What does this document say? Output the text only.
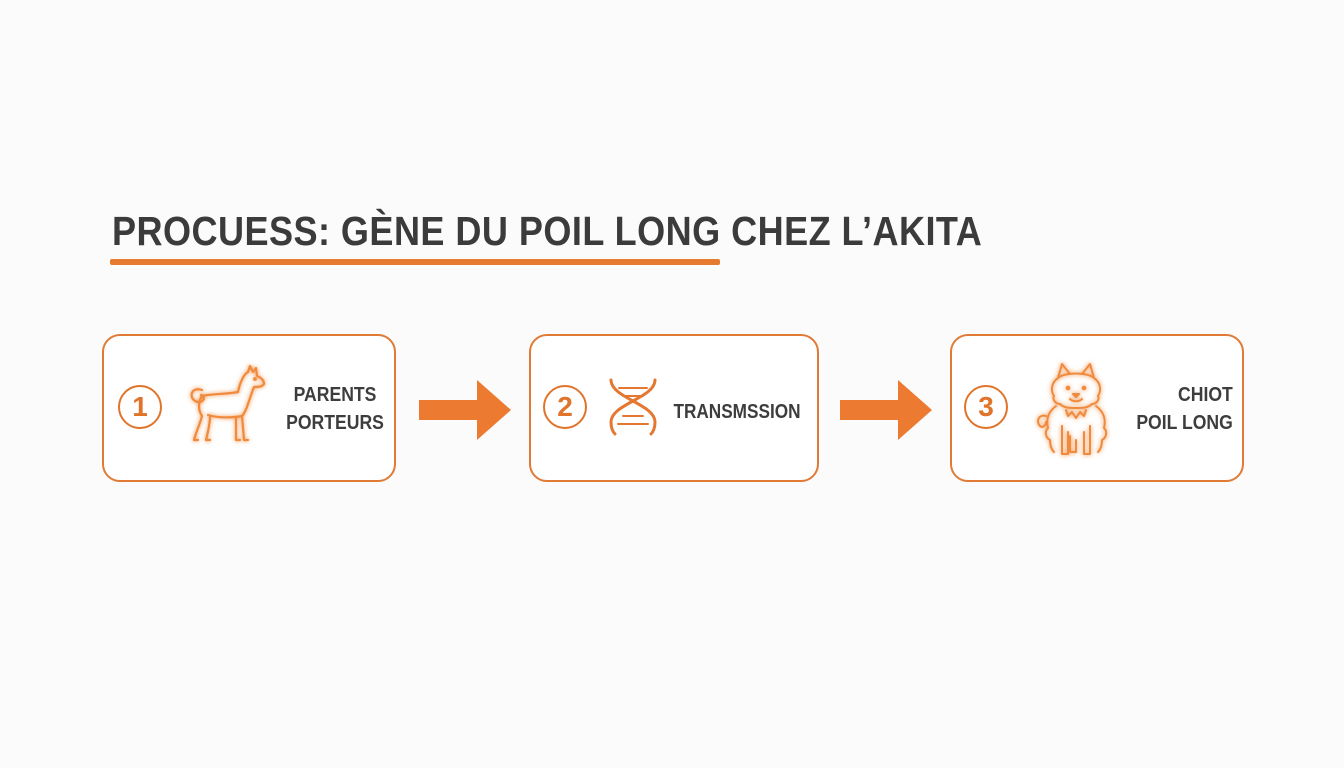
PROCUESS: GÈNE DU POIL LONG CHEZ L’AKITA
1	PARENTS
PORTEURS
2	TRANSMSSION	3	CHIOT
POIL LONG
